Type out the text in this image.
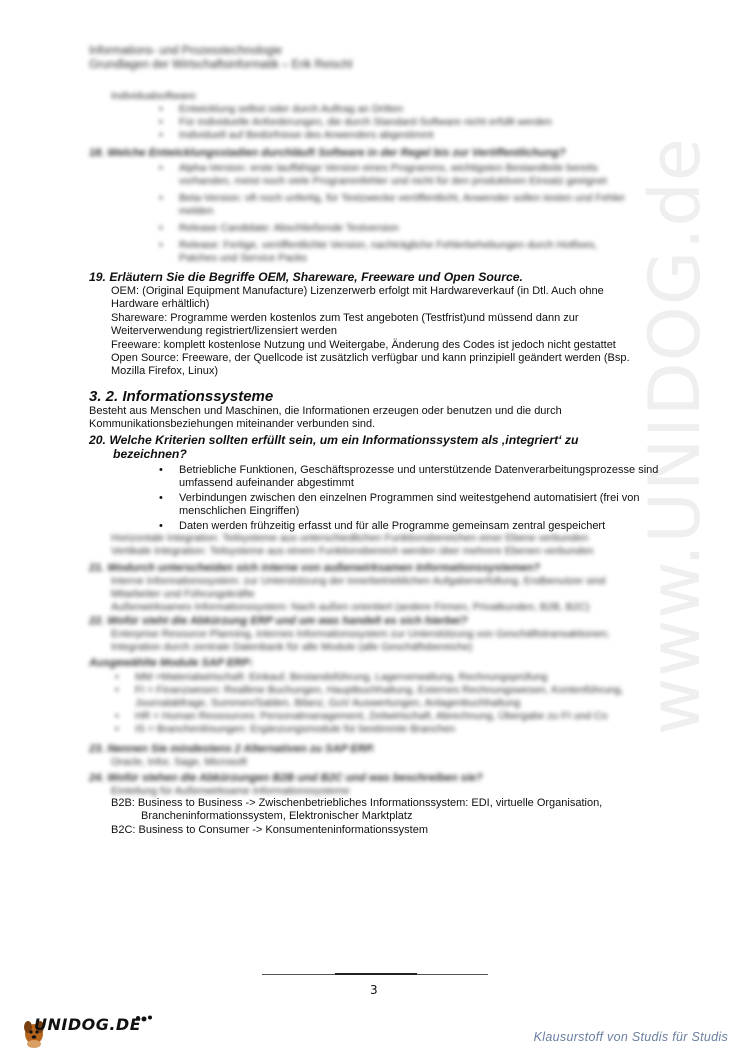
www.UNIDOG.de
Informations- und Prozesstechnologie
Grundlagen der Wirtschaftsinformatik – Erik Reischl
Individualsoftware:
• Entwicklung selbst oder durch Auftrag an Dritten
• Für individuelle Anforderungen, die durch Standard-Software nicht erfüllt werden
• Individuell auf Bedürfnisse des Anwenders abgestimmt
18. Welche Entwicklungsstadien durchläuft Software in der Regel bis zur Veröffentlichung?
• Alpha-Version: erste lauffähige Version eines Programms, wichtigsten Bestandteile bereits vorhanden, meist noch viele Programmfehler und nicht für den produktiven Einsatz geeignet
• Beta-Version: oft noch unfertig, für Testzwecke veröffentlicht, Anwender sollen testen und Fehler melden
• Release Candidate: Abschließende Testversion
• Release: Fertige, veröffentlichte Version, nachträgliche Fehlerbehebungen durch Hotfixes, Patches und Service Packs
19. Erläutern Sie die Begriffe OEM, Shareware, Freeware und Open Source.
OEM: (Original Equipment Manufacture) Lizenzerwerb erfolgt mit Hardwareverkauf (in Dtl. Auch ohne Hardware erhältlich)
Shareware: Programme werden kostenlos zum Test angeboten (Testfrist)und müssend dann zur Weiterverwendung registriert/lizensiert werden
Freeware: komplett kostenlose Nutzung und Weitergabe, Änderung des Codes ist jedoch nicht gestattet
Open Source: Freeware, der Quellcode ist zusätzlich verfügbar und kann prinzipiell geändert werden (Bsp. Mozilla Firefox, Linux)
3. 2. Informationssysteme
Besteht aus Menschen und Maschinen, die Informationen erzeugen oder benutzen und die durch Kommunikationsbeziehungen miteinander verbunden sind.
20. Welche Kriterien sollten erfüllt sein, um ein Informationssystem als ‚integriert‘ zu
bezeichnen?
• Betriebliche Funktionen, Geschäftsprozesse und unterstützende Datenverarbeitungsprozesse sind umfassend aufeinander abgestimmt
• Verbindungen zwischen den einzelnen Programmen sind weitestgehend automatisiert (frei von menschlichen Eingriffen)
• Daten werden frühzeitig erfasst und für alle Programme gemeinsam zentral gespeichert
Horizontale Integration: Teilsysteme aus unterschiedlichen Funktionsbereichen einer Ebene verbunden
Vertikale Integration: Teilsysteme aus einem Funktionsbereich werden über mehrere Ebenen verbunden
21. Wodurch unterscheiden sich interne von außenwirksamen Informationssystemen?
Interne Informationssystem: zur Unterstützung der innerbetrieblichen Aufgabenerfüllung, Endbenutzer sind Mitarbeiter und Führungskräfte
Außenwirksames Informationssystem: Nach außen orientiert (andere Firmen, Privatkunden, B2B, B2C)
22. Wofür steht die Abkürzung ERP und um was handelt es sich hierbei?
Enterprise Resource Planning, internes Informationssystem zur Unterstützung von Geschäftstransaktionen; Integration durch zentrale Datenbank für alle Module (alle Geschäftsbereiche)
Ausgewählte Module SAP ERP:
• MM =Materialwirtschaft: Einkauf, Bestandsführung, Lagerverwaltung, Rechnungsprüfung
• FI = Finanzwesen: Reallime Buchungen, Hauptbuchhaltung, Externes Rechnungswesen, Kontenführung, Journalabfrage, Summen/Salden, Bilanz, GuV Auswertungen, Anlagenbuchhaltung
• HR = Human Ressources: Personalmanagement, Zeitwirtschaft, Abrechnung, Übergabe zu FI und Co
• IS = Branchenlösungen: Ergänzungsmodule für bestimmte Branchen
23. Nennen Sie mindestens 2 Alternativen zu SAP ERP.
Oracle, Infor, Sage, Microsoft
24. Wofür stehen die Abkürzungen B2B und B2C und was beschreiben sie?
Einteilung für Außenwirksame Informationssysteme
B2B: Business to Business -> Zwischenbetriebliches Informationssystem: EDI, virtuelle Organisation,
Brancheninformationssystem, Elektronischer Marktplatz
B2C: Business to Consumer -> Konsumenteninformationssystem
3
UNIDOG.DE
Klausurstoff von Studis für Studis
